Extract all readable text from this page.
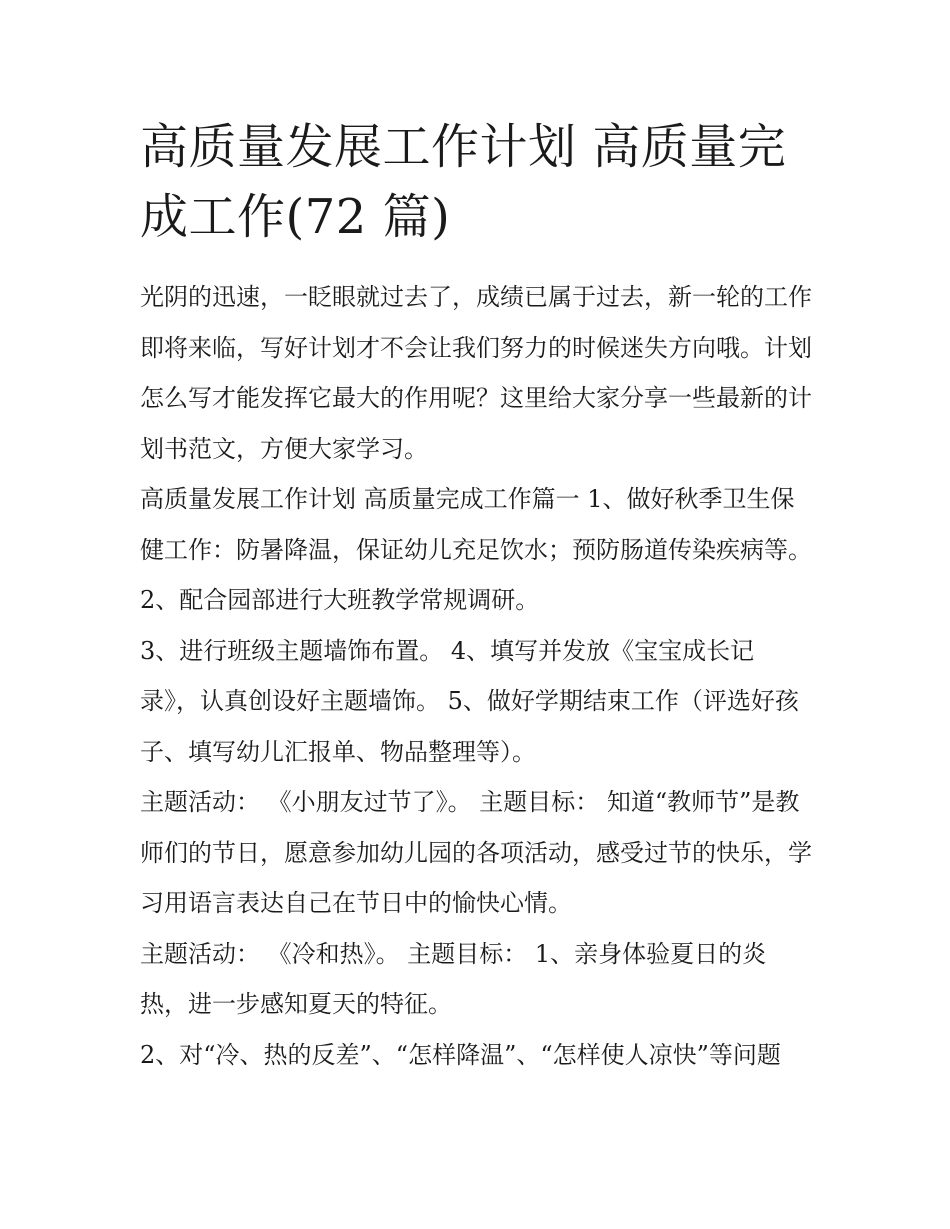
高质量发展工作计划 高质量完成工作(72 篇)

光阴的迅速，一眨眼就过去了，成绩已属于过去，新一轮的工作即将来临，写好计划才不会让我们努力的时候迷失方向哦。计划怎么写才能发挥它最大的作用呢？这里给大家分享一些最新的计划书范文，方便大家学习。

高质量发展工作计划 高质量完成工作篇一 1、做好秋季卫生保健工作：防暑降温，保证幼儿充足饮水；预防肠道传染疾病等。 2、配合园部进行大班教学常规调研。

3、进行班级主题墙饰布置。 4、填写并发放《宝宝成长记录》，认真创设好主题墙饰。 5、做好学期结束工作（评选好孩子、填写幼儿汇报单、物品整理等）。

主题活动： 《小朋友过节了》。 主题目标： 知道“教师节”是教师们的节日，愿意参加幼儿园的各项活动，感受过节的快乐，学习用语言表达自己在节日中的愉快心情。

主题活动： 《冷和热》。 主题目标： 1、亲身体验夏日的炎热，进一步感知夏天的特征。

2、对“冷、热的反差”、“怎样降温”、“怎样使人凉快”等问题
